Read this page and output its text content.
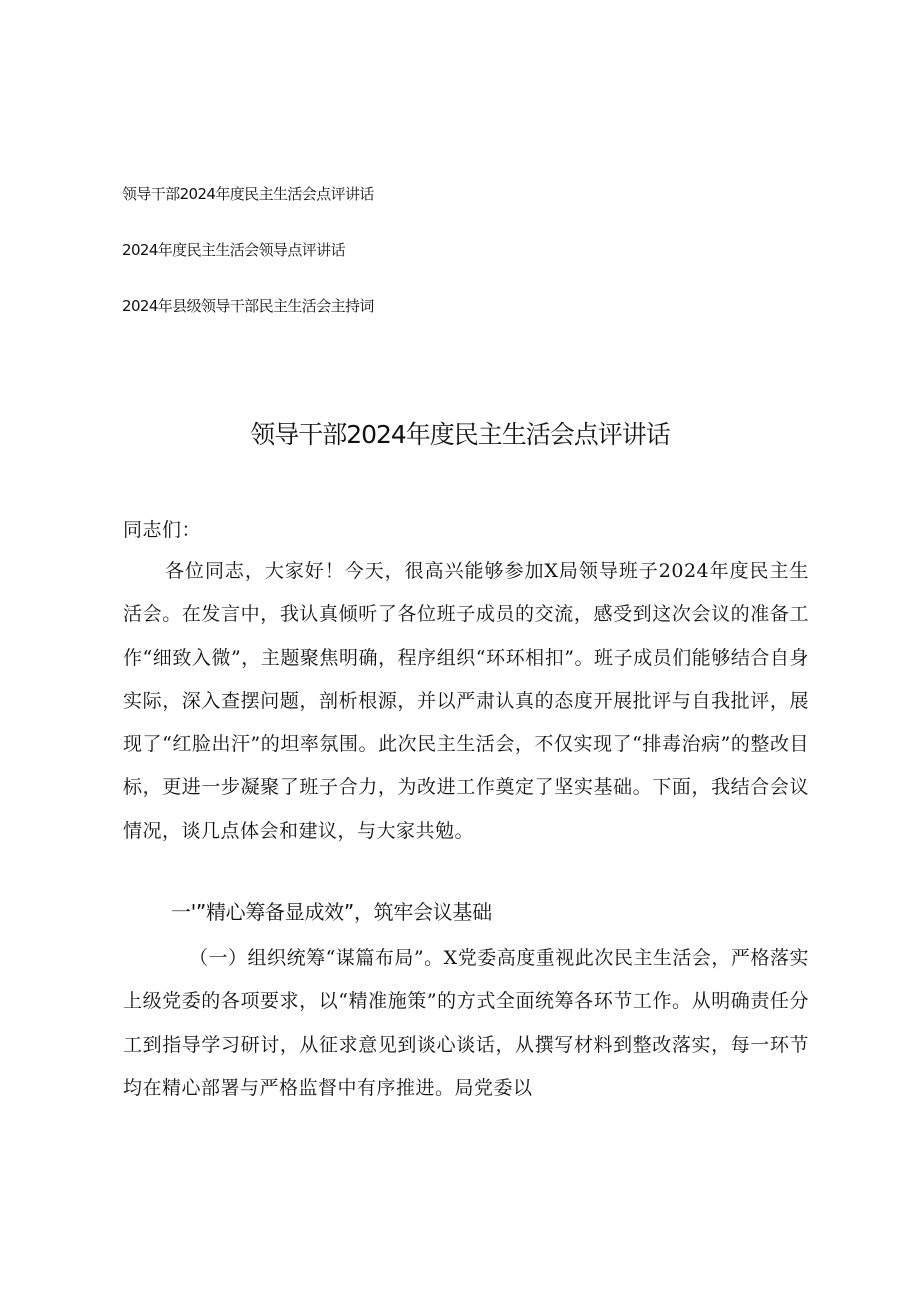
领导干部2024年度民主生活会点评讲话
2024年度民主生活会领导点评讲话
2024年县级领导干部民主生活会主持词
领导干部2024年度民主生活会点评讲话
同志们：
各位同志，大家好！今天，很高兴能够参加X局领导班子2024年度民主生活会。在发言中，我认真倾听了各位班子成员的交流，感受到这次会议的准备工作“细致入微”，主题聚焦明确，程序组织“环环相扣”。班子成员们能够结合自身实际，深入查摆问题，剖析根源，并以严肃认真的态度开展批评与自我批评，展现了“红脸出汗”的坦率氛围。此次民主生活会，不仅实现了“排毒治病”的整改目标，更进一步凝聚了班子合力，为改进工作奠定了坚实基础。下面，我结合会议情况，谈几点体会和建议，与大家共勉。
一'”精心筹备显成效”，筑牢会议基础
（一）组织统筹“谋篇布局”。X党委高度重视此次民主生活会，严格落实上级党委的各项要求，以“精准施策”的方式全面统筹各环节工作。从明确责任分工到指导学习研讨，从征求意见到谈心谈话，从撰写材料到整改落实，每一环节均在精心部署与严格监督中有序推进。局党委以
